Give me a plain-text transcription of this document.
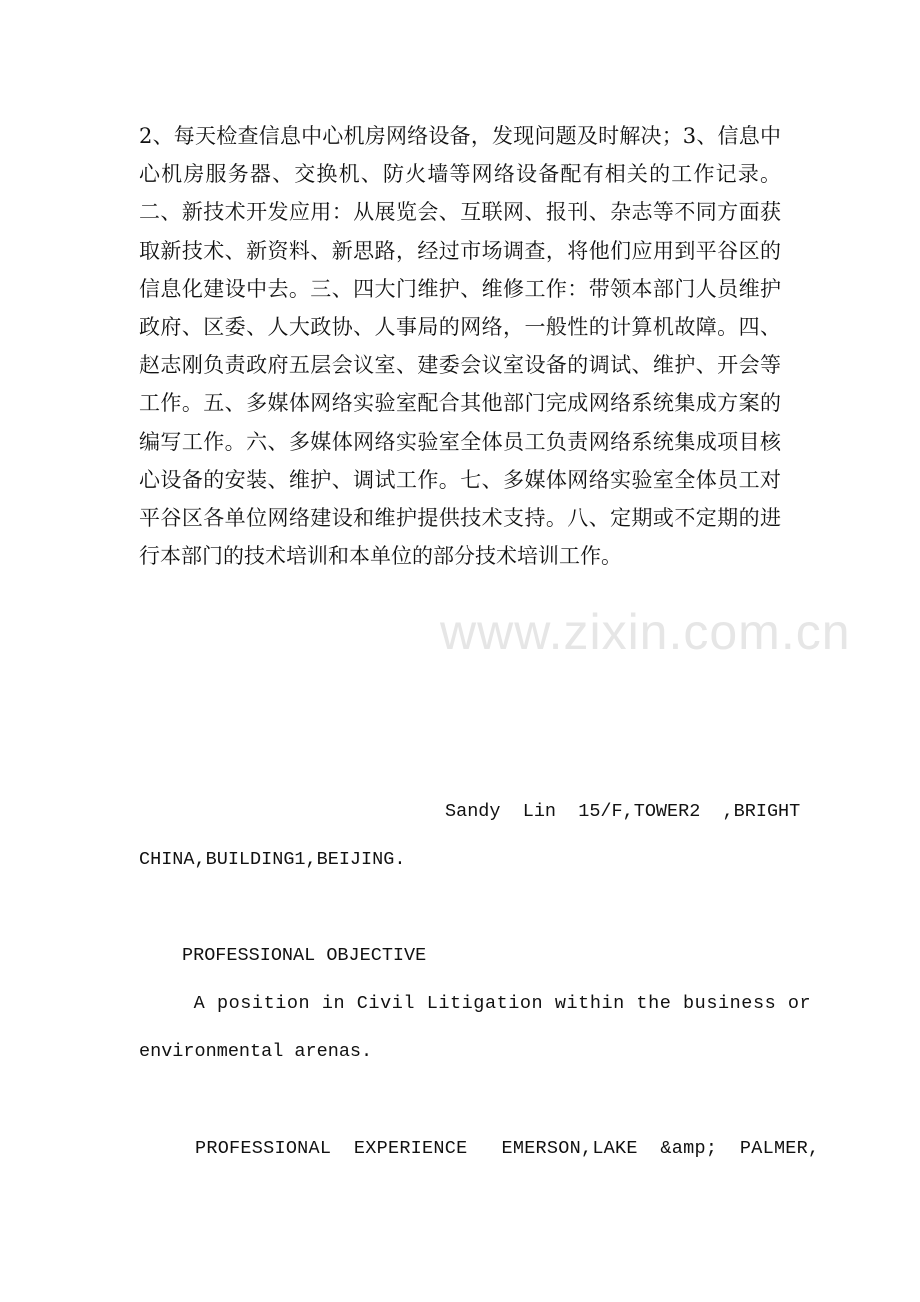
2、每天检查信息中心机房网络设备，发现问题及时解决；3、信息中心机房服务器、交换机、防火墙等网络设备配有相关的工作记录。二、新技术开发应用：从展览会、互联网、报刊、杂志等不同方面获取新技术、新资料、新思路，经过市场调查，将他们应用到平谷区的信息化建设中去。三、四大门维护、维修工作：带领本部门人员维护政府、区委、人大政协、人事局的网络，一般性的计算机故障。四、赵志刚负责政府五层会议室、建委会议室设备的调试、维护、开会等工作。五、多媒体网络实验室配合其他部门完成网络系统集成方案的编写工作。六、多媒体网络实验室全体员工负责网络系统集成项目核心设备的安装、维护、调试工作。七、多媒体网络实验室全体员工对平谷区各单位网络建设和维护提供技术支持。八、定期或不定期的进行本部门的技术培训和本单位的部分技术培训工作。

www.zixin.com.cn
Sandy  Lin  15/F,TOWER2  ,BRIGHT
CHINA,BUILDING1,BEIJING.
PROFESSIONAL OBJECTIVE
A position in Civil Litigation within the business or
environmental arenas.
PROFESSIONAL  EXPERIENCE   EMERSON,LAKE  &amp;  PALMER,
